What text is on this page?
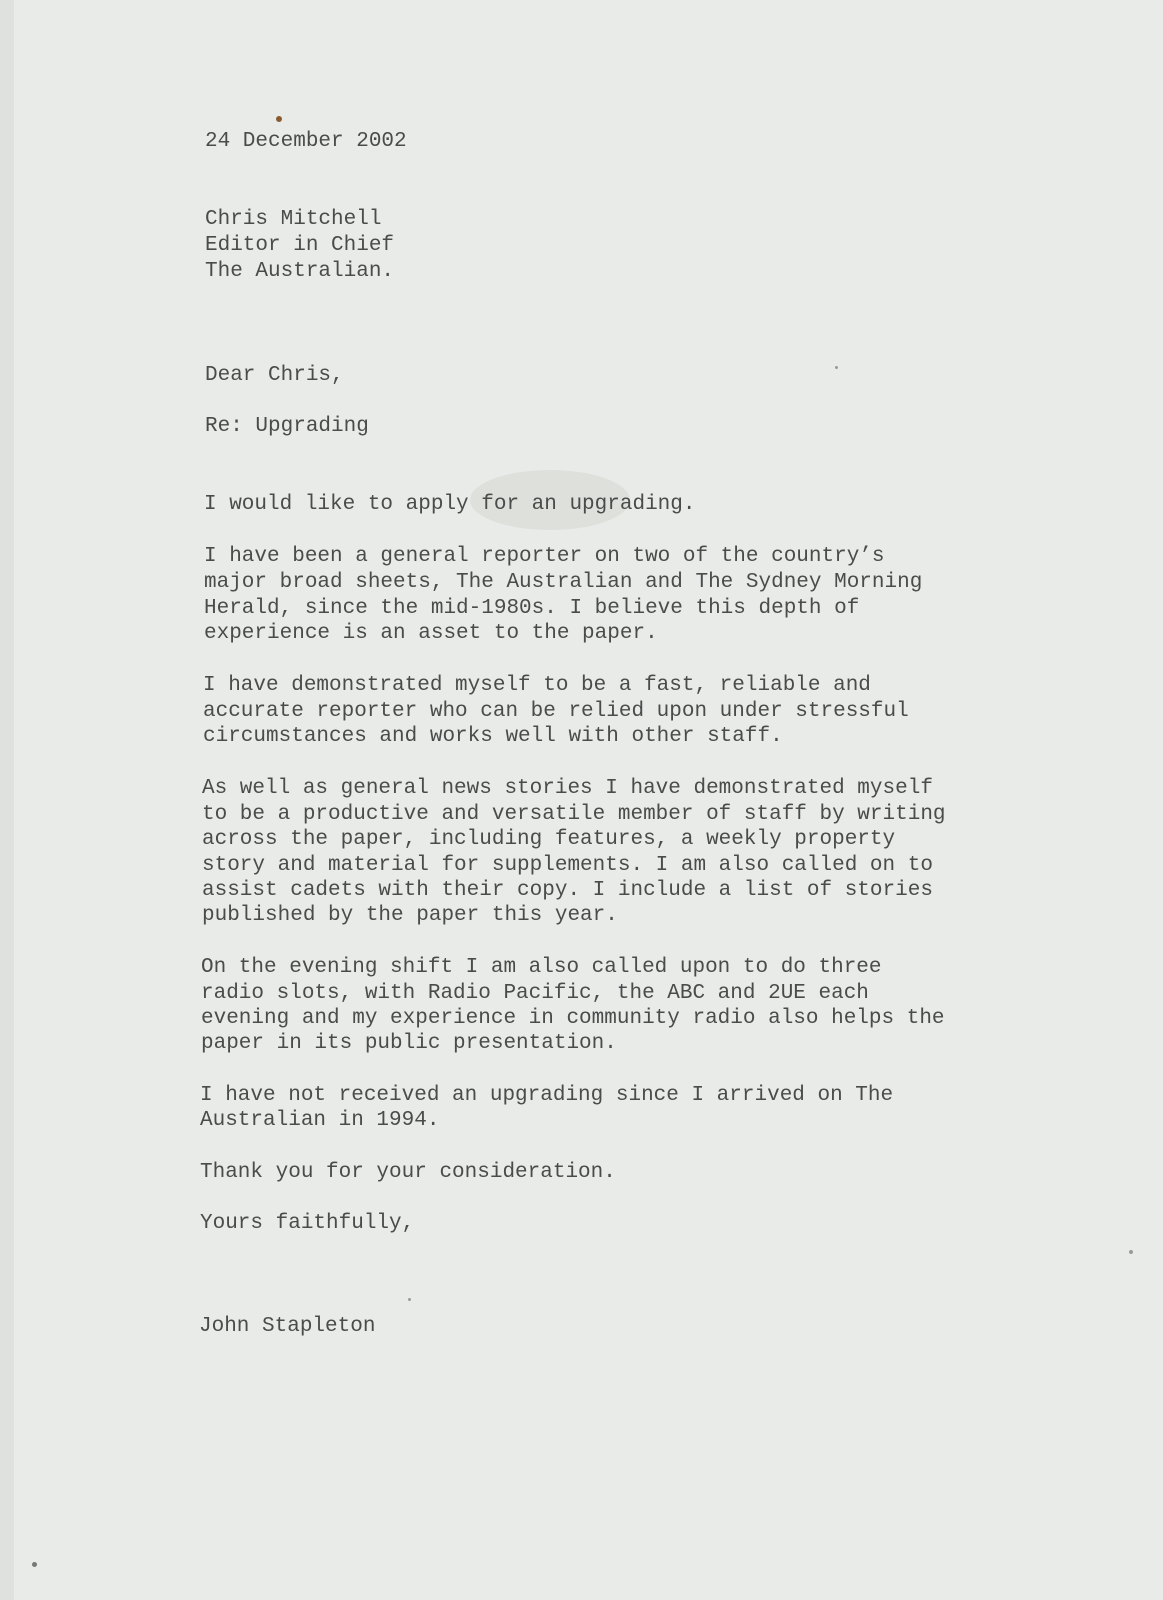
24 December 2002
Chris Mitchell
Editor in Chief
The Australian.
Dear Chris,
Re: Upgrading
I would like to apply for an upgrading.
I have been a general reporter on two of the country’s
major broad sheets, The Australian and The Sydney Morning
Herald, since the mid-1980s. I believe this depth of
experience is an asset to the paper.
I have demonstrated myself to be a fast, reliable and
accurate reporter who can be relied upon under stressful
circumstances and works well with other staff.
As well as general news stories I have demonstrated myself
to be a productive and versatile member of staff by writing
across the paper, including features, a weekly property
story and material for supplements. I am also called on to
assist cadets with their copy. I include a list of stories
published by the paper this year.
On the evening shift I am also called upon to do three
radio slots, with Radio Pacific, the ABC and 2UE each
evening and my experience in community radio also helps the
paper in its public presentation.
I have not received an upgrading since I arrived on The
Australian in 1994.
Thank you for your consideration.
Yours faithfully,
John Stapleton
